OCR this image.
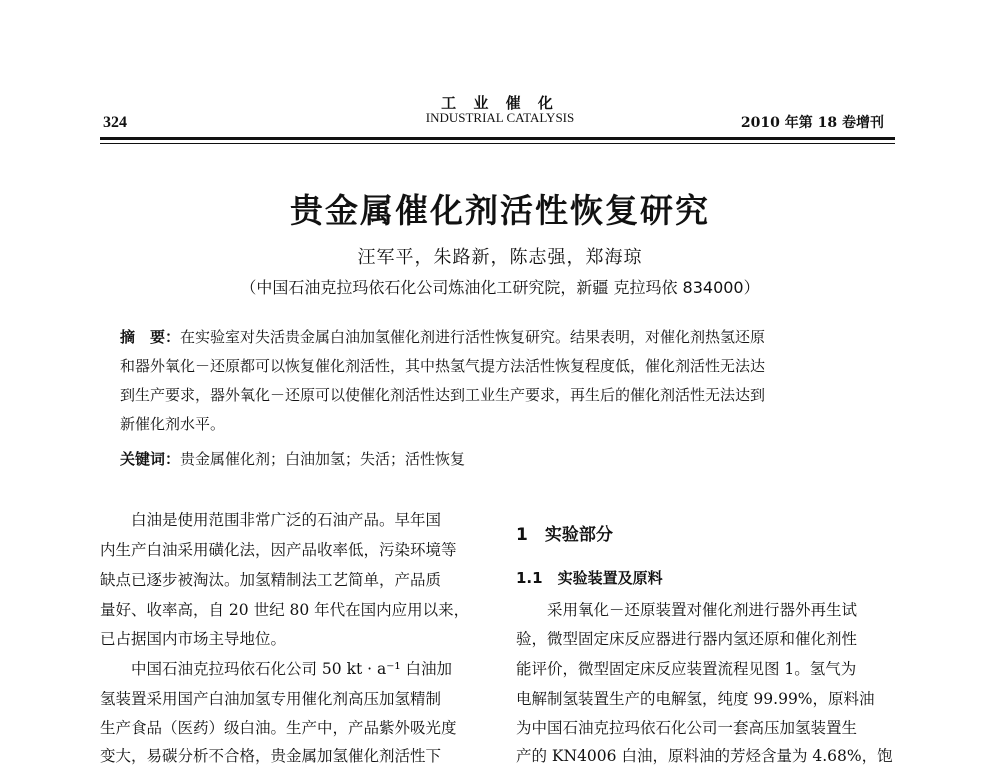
工 业 催 化
INDUSTRIAL CATALYSIS
324	2010 年第 18 卷增刊
贵金属催化剂活性恢复研究
汪军平，朱路新，陈志强，郑海琼
（中国石油克拉玛依石化公司炼油化工研究院，新疆 克拉玛依 834000）
摘　要：在实验室对失活贵金属白油加氢催化剂进行活性恢复研究。结果表明，对催化剂热氢还原
和器外氧化－还原都可以恢复催化剂活性，其中热氢气提方法活性恢复程度低，催化剂活性无法达
到生产要求，器外氧化－还原可以使催化剂活性达到工业生产要求，再生后的催化剂活性无法达到
新催化剂水平。
关键词：贵金属催化剂；白油加氢；失活；活性恢复
　　白油是使用范围非常广泛的石油产品。早年国
内生产白油采用磺化法，因产品收率低，污染环境等
缺点已逐步被淘汰。加氢精制法工艺简单，产品质
量好、收率高，自 20 世纪 80 年代在国内应用以来，
已占据国内市场主导地位。
　　中国石油克拉玛依石化公司 50 kt · a⁻¹ 白油加
氢装置采用国产白油加氢专用催化剂高压加氢精制
生产食品（医药）级白油。生产中，产品紫外吸光度
变大，易碳分析不合格，贵金属加氢催化剂活性下
1　实验部分
1.1　实验装置及原料
　　采用氧化－还原装置对催化剂进行器外再生试
验，微型固定床反应器进行器内氢还原和催化剂性
能评价，微型固定床反应装置流程见图 1。氢气为
电解制氢装置生产的电解氢，纯度 99.99%，原料油
为中国石油克拉玛依石化公司一套高压加氢装置生
产的 KN4006 白油，原料油的芳烃含量为 4.68%，饱
